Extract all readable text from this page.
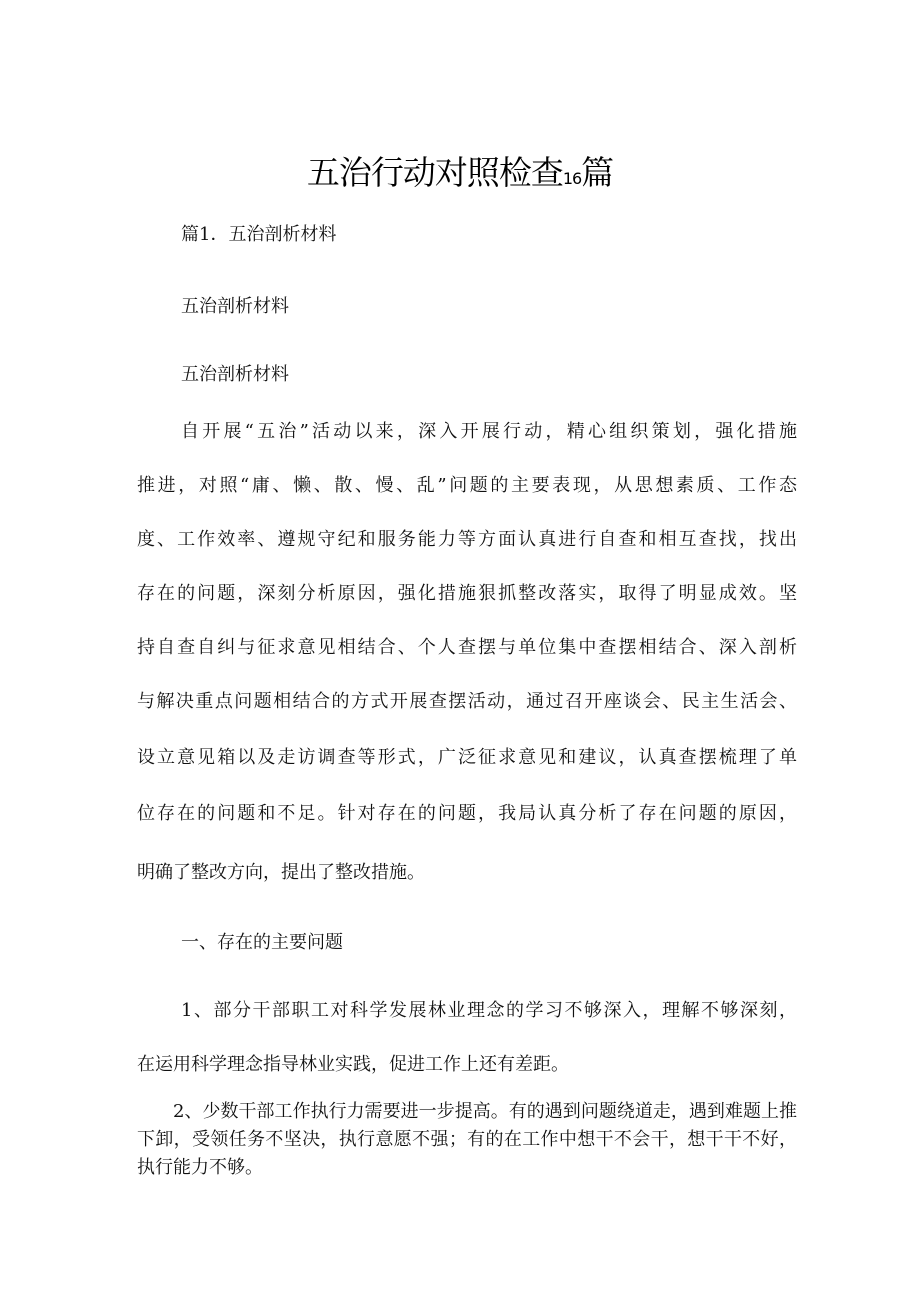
五治行动对照检查16篇

篇1．五治剖析材料

五治剖析材料

五治剖析材料

自开展“五治”活动以来，深入开展行动，精心组织策划，强化措施

推进，对照“庸、懒、散、慢、乱”问题的主要表现，从思想素质、工作态

度、工作效率、遵规守纪和服务能力等方面认真进行自查和相互查找，找出

存在的问题，深刻分析原因，强化措施狠抓整改落实，取得了明显成效。坚

持自查自纠与征求意见相结合、个人查摆与单位集中查摆相结合、深入剖析

与解决重点问题相结合的方式开展查摆活动，通过召开座谈会、民主生活会、

设立意见箱以及走访调查等形式，广泛征求意见和建议，认真查摆梳理了单

位存在的问题和不足。针对存在的问题，我局认真分析了存在问题的原因，

明确了整改方向，提出了整改措施。

一、存在的主要问题

1、部分干部职工对科学发展林业理念的学习不够深入，理解不够深刻，

在运用科学理念指导林业实践，促进工作上还有差距。

2、少数干部工作执行力需要进一步提高。有的遇到问题绕道走，遇到难题上推下卸，受领任务不坚决，执行意愿不强；有的在工作中想干不会干，想干干不好，执行能力不够。
